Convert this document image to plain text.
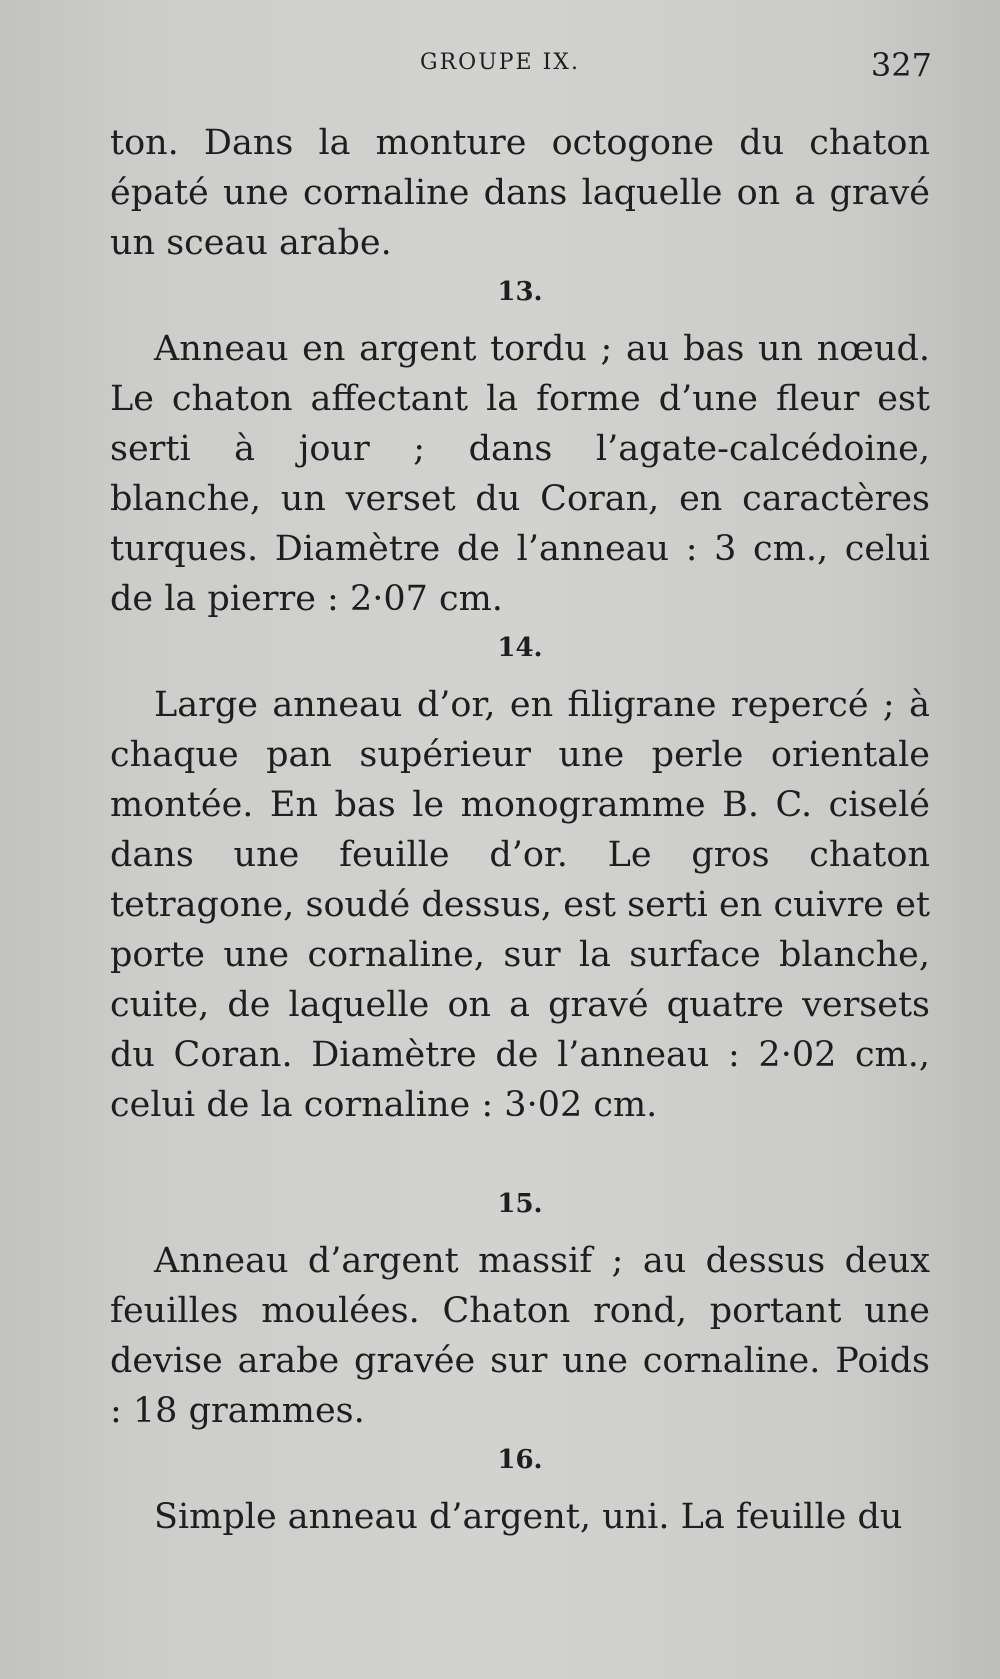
GROUPE IX.	327

ton. Dans la monture octogone du chaton épaté une cornaline dans laquelle on a gravé un sceau arabe.

13.

Anneau en argent tordu ; au bas un nœud. Le chaton affectant la forme d’une fleur est serti à jour ; dans l’agate-calcédoine, blanche, un verset du Coran, en caractères turques. Diamètre de l’anneau : 3 cm., celui de la pierre : 2·07 cm.

14.

Large anneau d’or, en filigrane repercé ; à chaque pan supérieur une perle orientale montée. En bas le monogramme B. C. ciselé dans une feuille d’or. Le gros chaton tetragone, soudé dessus, est serti en cuivre et porte une cornaline, sur la surface blanche, cuite, de laquelle on a gravé quatre versets du Coran. Diamètre de l’anneau : 2·02 cm., celui de la cornaline : 3·02 cm.

15.

Anneau d’argent massif ; au dessus deux feuilles moulées. Chaton rond, portant une devise arabe gravée sur une cornaline. Poids : 18 grammes.

16.

Simple anneau d’argent, uni. La feuille du
